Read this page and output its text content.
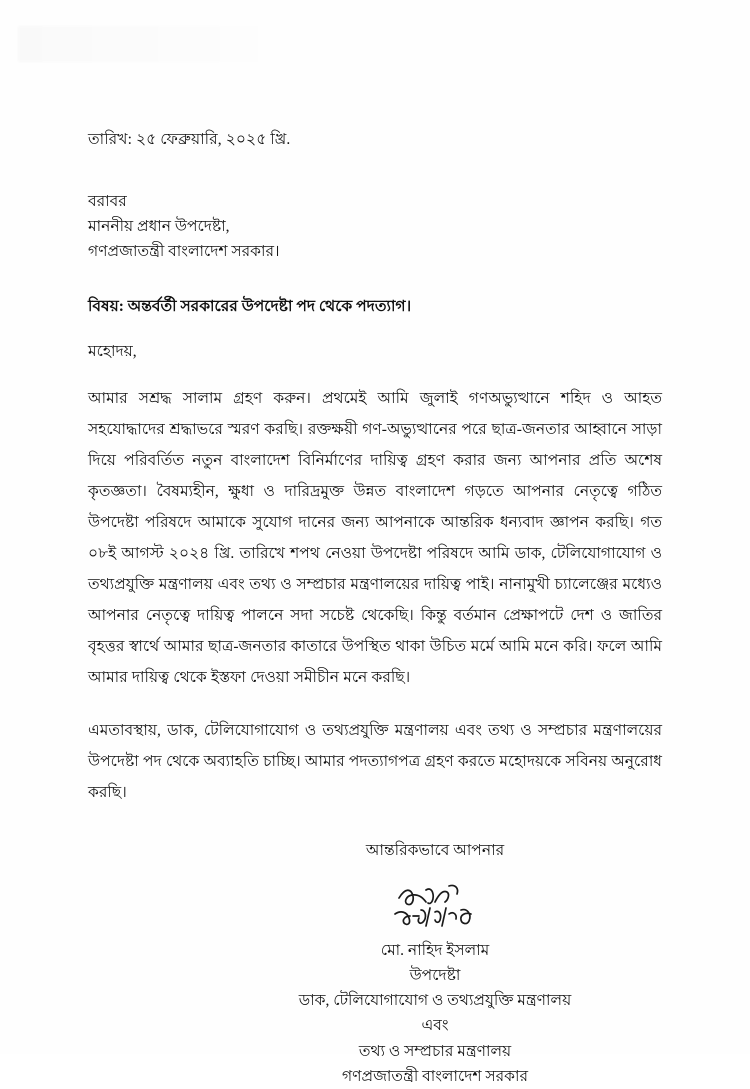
তারিখ: ২৫ ফেব্রুয়ারি, ২০২৫ খ্রি.
বরাবর
মাননীয় প্রধান উপদেষ্টা,
গণপ্রজাতন্ত্রী বাংলাদেশ সরকার।
বিষয়: অন্তর্বর্তী সরকারের উপদেষ্টা পদ থেকে পদত্যাগ।
মহোদয়,
আমার সশ্রদ্ধ সালাম গ্রহণ করুন। প্রথমেই আমি জুলাই গণঅভ্যুত্থানে শহিদ ও আহত সহযোদ্ধাদের শ্রদ্ধাভরে স্মরণ করছি। রক্তক্ষয়ী গণ-অভ্যুত্থানের পরে ছাত্র-জনতার আহ্বানে সাড়া দিয়ে পরিবর্তিত নতুন বাংলাদেশ বিনির্মাণের দায়িত্ব গ্রহণ করার জন্য আপনার প্রতি অশেষ কৃতজ্ঞতা। বৈষম্যহীন, ক্ষুধা ও দারিদ্রমুক্ত উন্নত বাংলাদেশ গড়তে আপনার নেতৃত্বে গঠিত উপদেষ্টা পরিষদে আমাকে সুযোগ দানের জন্য আপনাকে আন্তরিক ধন্যবাদ জ্ঞাপন করছি। গত ০৮ই আগস্ট ২০২৪ খ্রি. তারিখে শপথ নেওয়া উপদেষ্টা পরিষদে আমি ডাক, টেলিযোগাযোগ ও তথ্যপ্রযুক্তি মন্ত্রণালয় এবং তথ্য ও সম্প্রচার মন্ত্রণালয়ের দায়িত্ব পাই। নানামুখী চ্যালেঞ্জের মধ্যেও আপনার নেতৃত্বে দায়িত্ব পালনে সদা সচেষ্ট থেকেছি। কিন্তু বর্তমান প্রেক্ষাপটে দেশ ও জাতির বৃহত্তর স্বার্থে আমার ছাত্র-জনতার কাতারে উপস্থিত থাকা উচিত মর্মে আমি মনে করি। ফলে আমি আমার দায়িত্ব থেকে ইস্তফা দেওয়া সমীচীন মনে করছি।
এমতাবস্থায়, ডাক, টেলিযোগাযোগ ও তথ্যপ্রযুক্তি মন্ত্রণালয় এবং তথ্য ও সম্প্রচার মন্ত্রণালয়ের উপদেষ্টা পদ থেকে অব্যাহতি চাচ্ছি। আমার পদত্যাগপত্র গ্রহণ করতে মহোদয়কে সবিনয় অনুরোধ করছি।
আন্তরিকভাবে আপনার
মো. নাহিদ ইসলাম
উপদেষ্টা
ডাক, টেলিযোগাযোগ ও তথ্যপ্রযুক্তি মন্ত্রণালয়
এবং
তথ্য ও সম্প্রচার মন্ত্রণালয়
গণপ্রজাতন্ত্রী বাংলাদেশ সরকার
